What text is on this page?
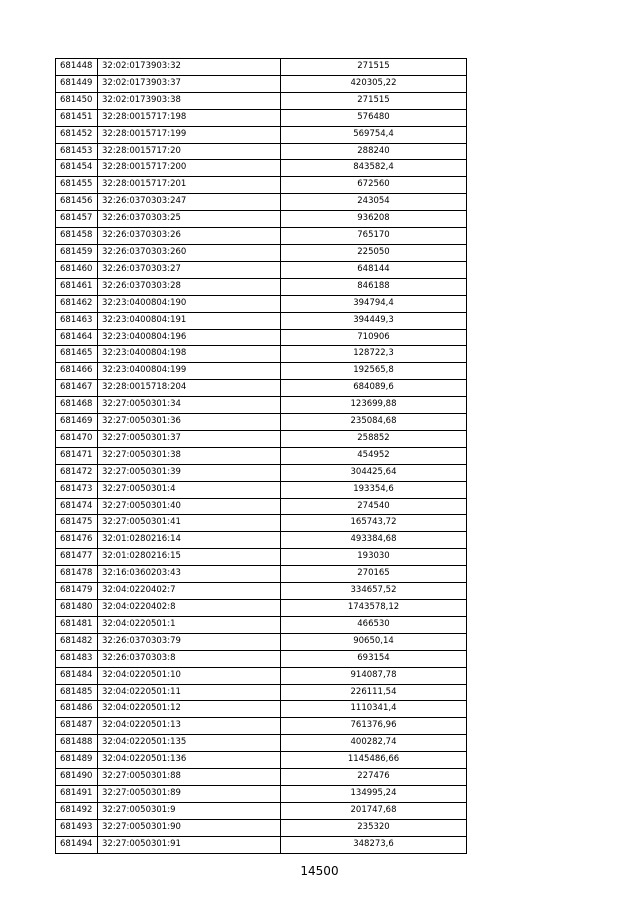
681448	32:02:0173903:32	271515
681449	32:02:0173903:37	420305,22
681450	32:02:0173903:38	271515
681451	32:28:0015717:198	576480
681452	32:28:0015717:199	569754,4
681453	32:28:0015717:20	288240
681454	32:28:0015717:200	843582,4
681455	32:28:0015717:201	672560
681456	32:26:0370303:247	243054
681457	32:26:0370303:25	936208
681458	32:26:0370303:26	765170
681459	32:26:0370303:260	225050
681460	32:26:0370303:27	648144
681461	32:26:0370303:28	846188
681462	32:23:0400804:190	394794,4
681463	32:23:0400804:191	394449,3
681464	32:23:0400804:196	710906
681465	32:23:0400804:198	128722,3
681466	32:23:0400804:199	192565,8
681467	32:28:0015718:204	684089,6
681468	32:27:0050301:34	123699,88
681469	32:27:0050301:36	235084,68
681470	32:27:0050301:37	258852
681471	32:27:0050301:38	454952
681472	32:27:0050301:39	304425,64
681473	32:27:0050301:4	193354,6
681474	32:27:0050301:40	274540
681475	32:27:0050301:41	165743,72
681476	32:01:0280216:14	493384,68
681477	32:01:0280216:15	193030
681478	32:16:0360203:43	270165
681479	32:04:0220402:7	334657,52
681480	32:04:0220402:8	1743578,12
681481	32:04:0220501:1	466530
681482	32:26:0370303:79	90650,14
681483	32:26:0370303:8	693154
681484	32:04:0220501:10	914087,78
681485	32:04:0220501:11	226111,54
681486	32:04:0220501:12	1110341,4
681487	32:04:0220501:13	761376,96
681488	32:04:0220501:135	400282,74
681489	32:04:0220501:136	1145486,66
681490	32:27:0050301:88	227476
681491	32:27:0050301:89	134995,24
681492	32:27:0050301:9	201747,68
681493	32:27:0050301:90	235320
681494	32:27:0050301:91	348273,6
14500
